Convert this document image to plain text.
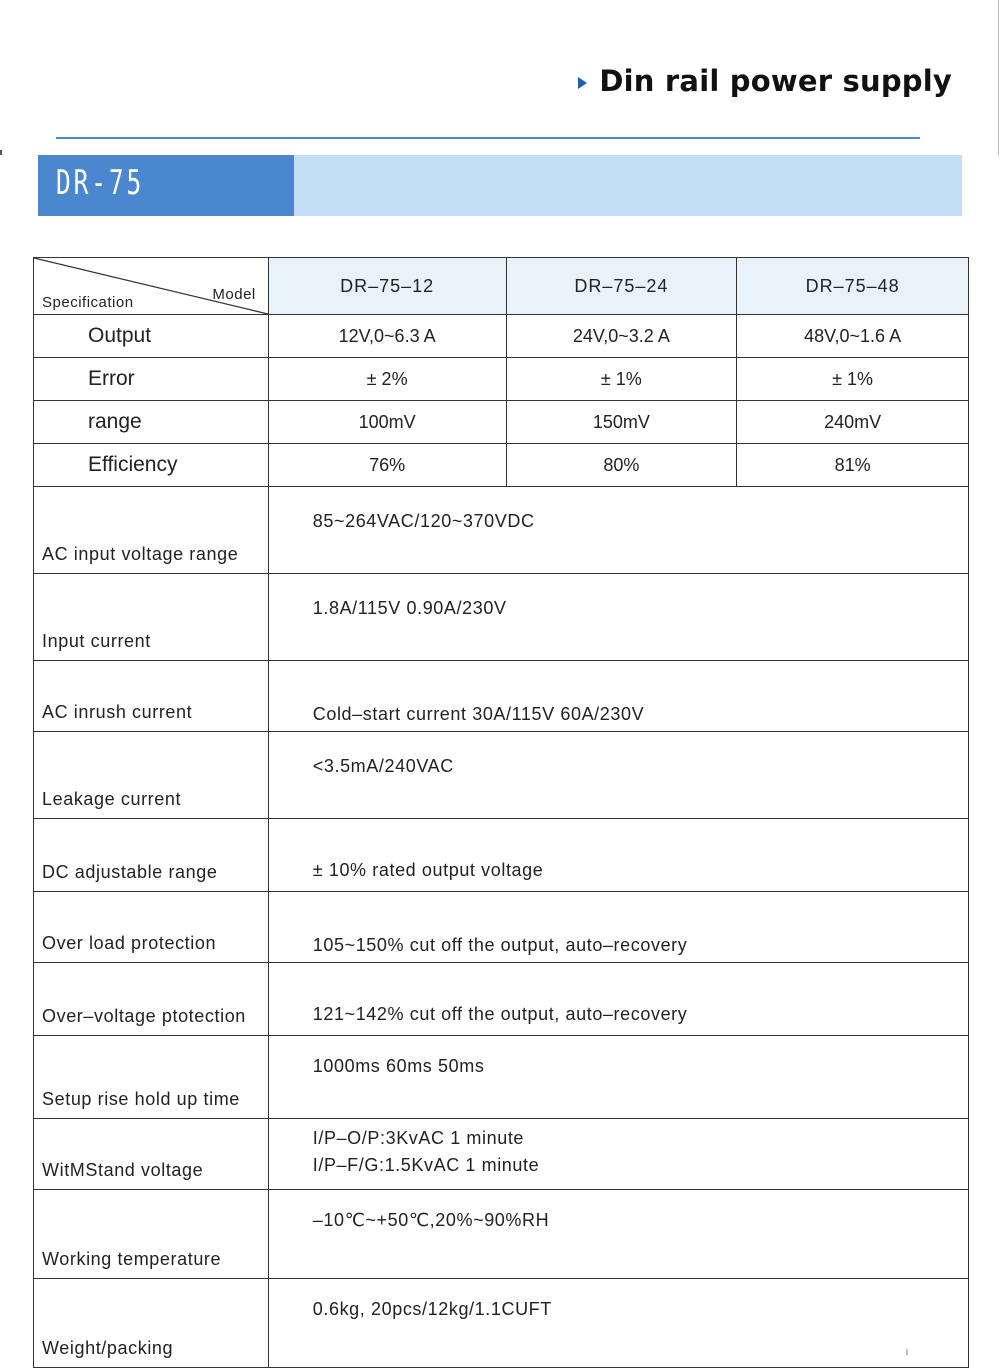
Din rail power supply
DR-75
Model
Specification	DR–75–12	DR–75–24	DR–75–48
Output	12V,0~6.3 A	24V,0~3.2 A	48V,0~1.6 A
Error	± 2%	± 1%	± 1%
range	100mV	150mV	240mV
Efficiency	76%	80%	81%
AC input voltage range	85~264VAC/120~370VDC		
Input current	1.8A/115V 0.90A/230V		
AC inrush current	Cold–start current 30A/115V 60A/230V		
Leakage current	<3.5mA/240VAC		
DC adjustable range	± 10% rated output voltage		
Over load protection	105~150% cut off the output, auto–recovery		
Over–voltage ptotection	121~142% cut off the output, auto–recovery		
Setup rise hold up time	1000ms 60ms 50ms		
WitMStand voltage	I/P–O/P:3KvAC 1 minute
I/P–F/G:1.5KvAC 1 minute		

Working temperature	–10℃~+50℃,20%~90%RH		
Weight/packing	0.6kg, 20pcs/12kg/1.1CUFT		
i
